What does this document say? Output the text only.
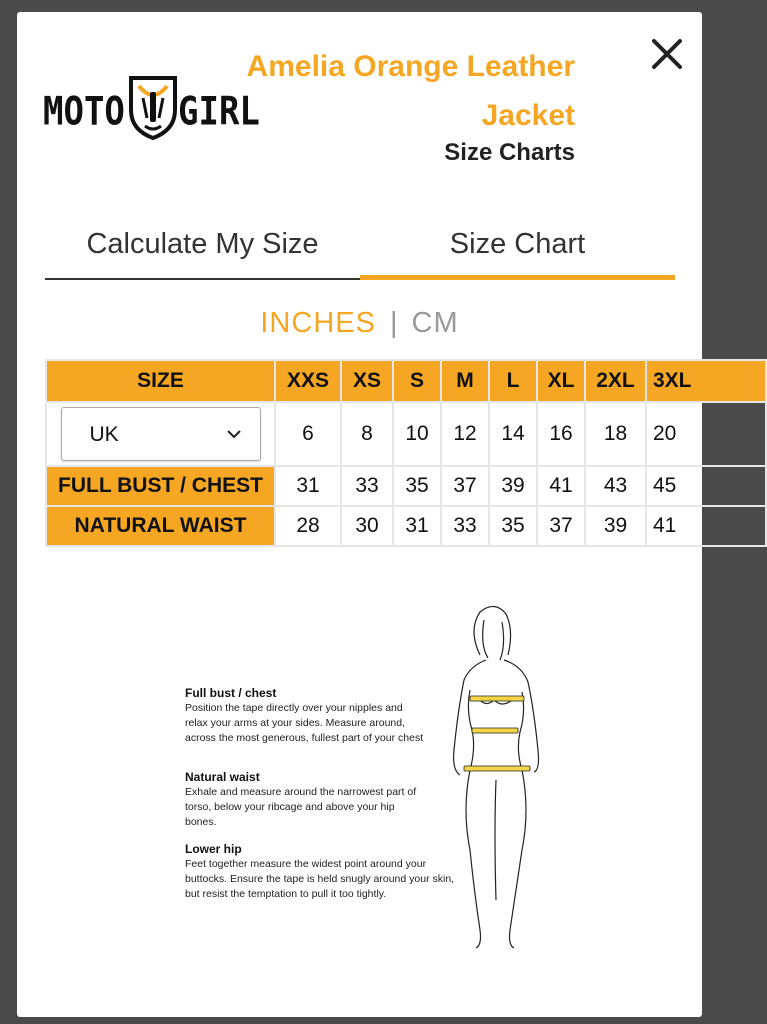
MOTO GIRL
Amelia Orange Leather Jacket
Size Charts
Calculate My Size	Size Chart
INCHES | CM
SIZE	XXS	XS	S	M	L	XL	2XL	3XL

UK	6	8	10	12	14	16	18	20
FULL BUST / CHEST	31	33	35	37	39	41	43	45
NATURAL WAIST	28	30	31	33	35	37	39	41
Full bust / chest
Position the tape directly over your nipples and relax your arms at your sides. Measure around, across the most generous, fullest part of your chest
Natural waist
Exhale and measure around the narrowest part of torso, below your ribcage and above your hip bones.
Lower hip
Feet together measure the widest point around your buttocks. Ensure the tape is held snugly around your skin, but resist the temptation to pull it too tightly.
